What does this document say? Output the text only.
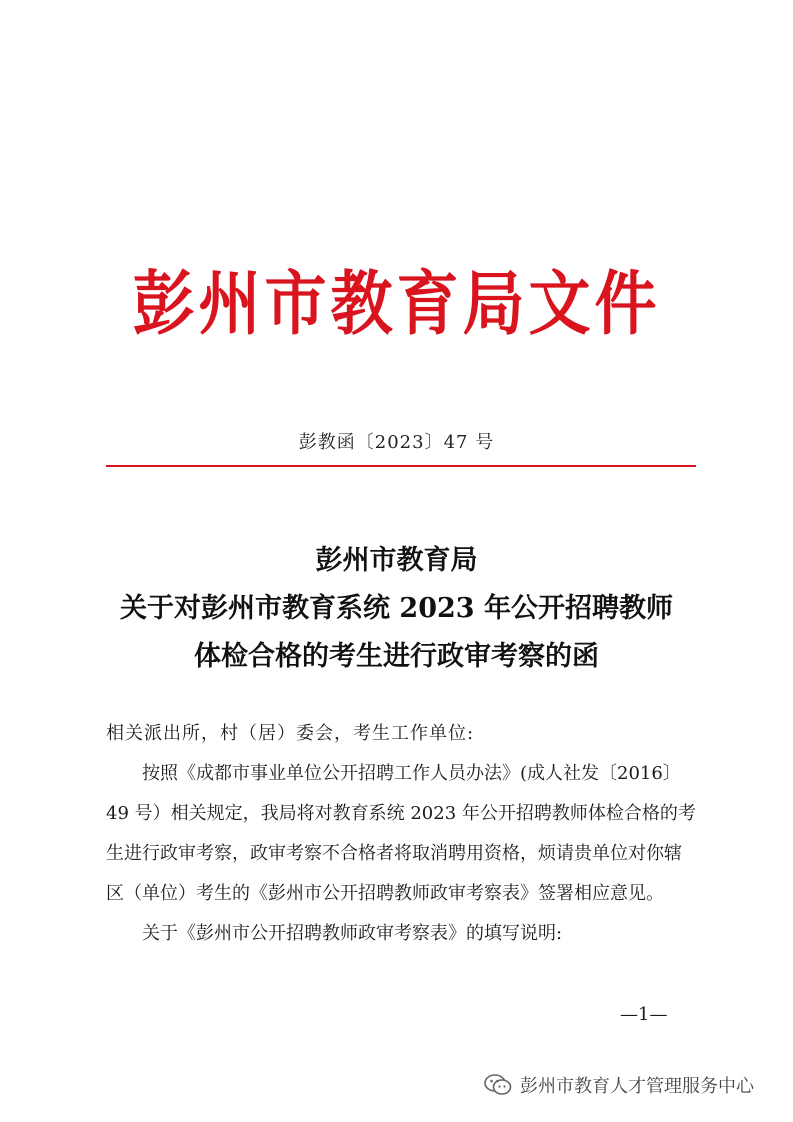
彭州市教育局文件
彭教函〔2023〕47 号
彭州市教育局
关于对彭州市教育系统 2023 年公开招聘教师
体检合格的考生进行政审考察的函
相关派出所，村（居）委会，考生工作单位:
按照《成都市事业单位公开招聘工作人员办法》(成人社发〔2016〕49 号）相关规定，我局将对教育系统 2023 年公开招聘教师体检合格的考生进行政审考察，政审考察不合格者将取消聘用资格，烦请贵单位对你辖区（单位）考生的《彭州市公开招聘教师政审考察表》签署相应意见。
关于《彭州市公开招聘教师政审考察表》的填写说明:
—1—
彭州市教育人才管理服务中心
